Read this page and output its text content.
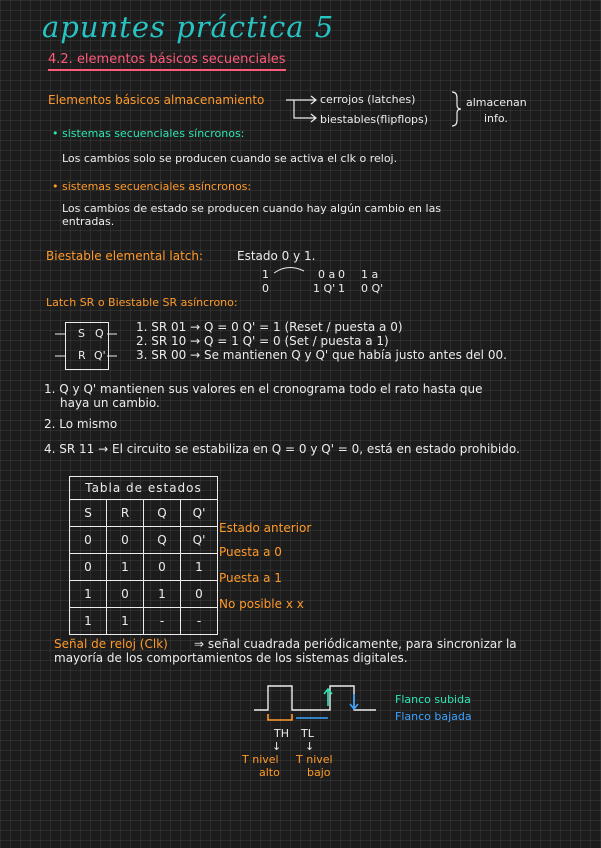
apuntes práctica 5
4.2. elementos básicos secuenciales
Elementos básicos almacenamiento	cerrojos (latches)
biestables(flipflops)
almacenan
info.
• sistemas secuenciales síncronos:
Los cambios solo se producen cuando se activa el clk o reloj.
• sistemas secuenciales asíncronos:
Los cambios de estado se producen cuando hay algún cambio en las
entradas.
Biestable elemental latch:	Estado 0 y 1.
1	0 a
0	1 Q'
0 1 a
1 0 Q'
Latch SR o Biestable SR asíncrono:
S Q
R Q'
1. SR 01 → Q = 0 Q' = 1 (Reset / puesta a 0)
2. SR 10 → Q = 1 Q' = 0 (Set / puesta a 1)
3. SR 00 → Se mantienen Q y Q' que había justo antes del 00.
1. Q y Q' mantienen sus valores en el cronograma todo el rato hasta que
haya un cambio.
2. Lo mismo
4. SR 11 → El circuito se estabiliza en Q = 0 y Q' = 0, está en estado prohibido.
Tabla de estados			
S	R	Q	Q'
0	0	Q	Q'
0	1	0	1
1	0	1	0
1	1	-	-
Estado anterior
Puesta a 0
Puesta a 1
No posible x x
Señal de reloj (Clk) ⇒ señal cuadrada periódicamente, para sincronizar la
mayoría de los comportamientos de los sistemas digitales.
Flanco subida
Flanco bajada
TH TL
↓ ↓
T nivel
alto
T nivel
bajo
